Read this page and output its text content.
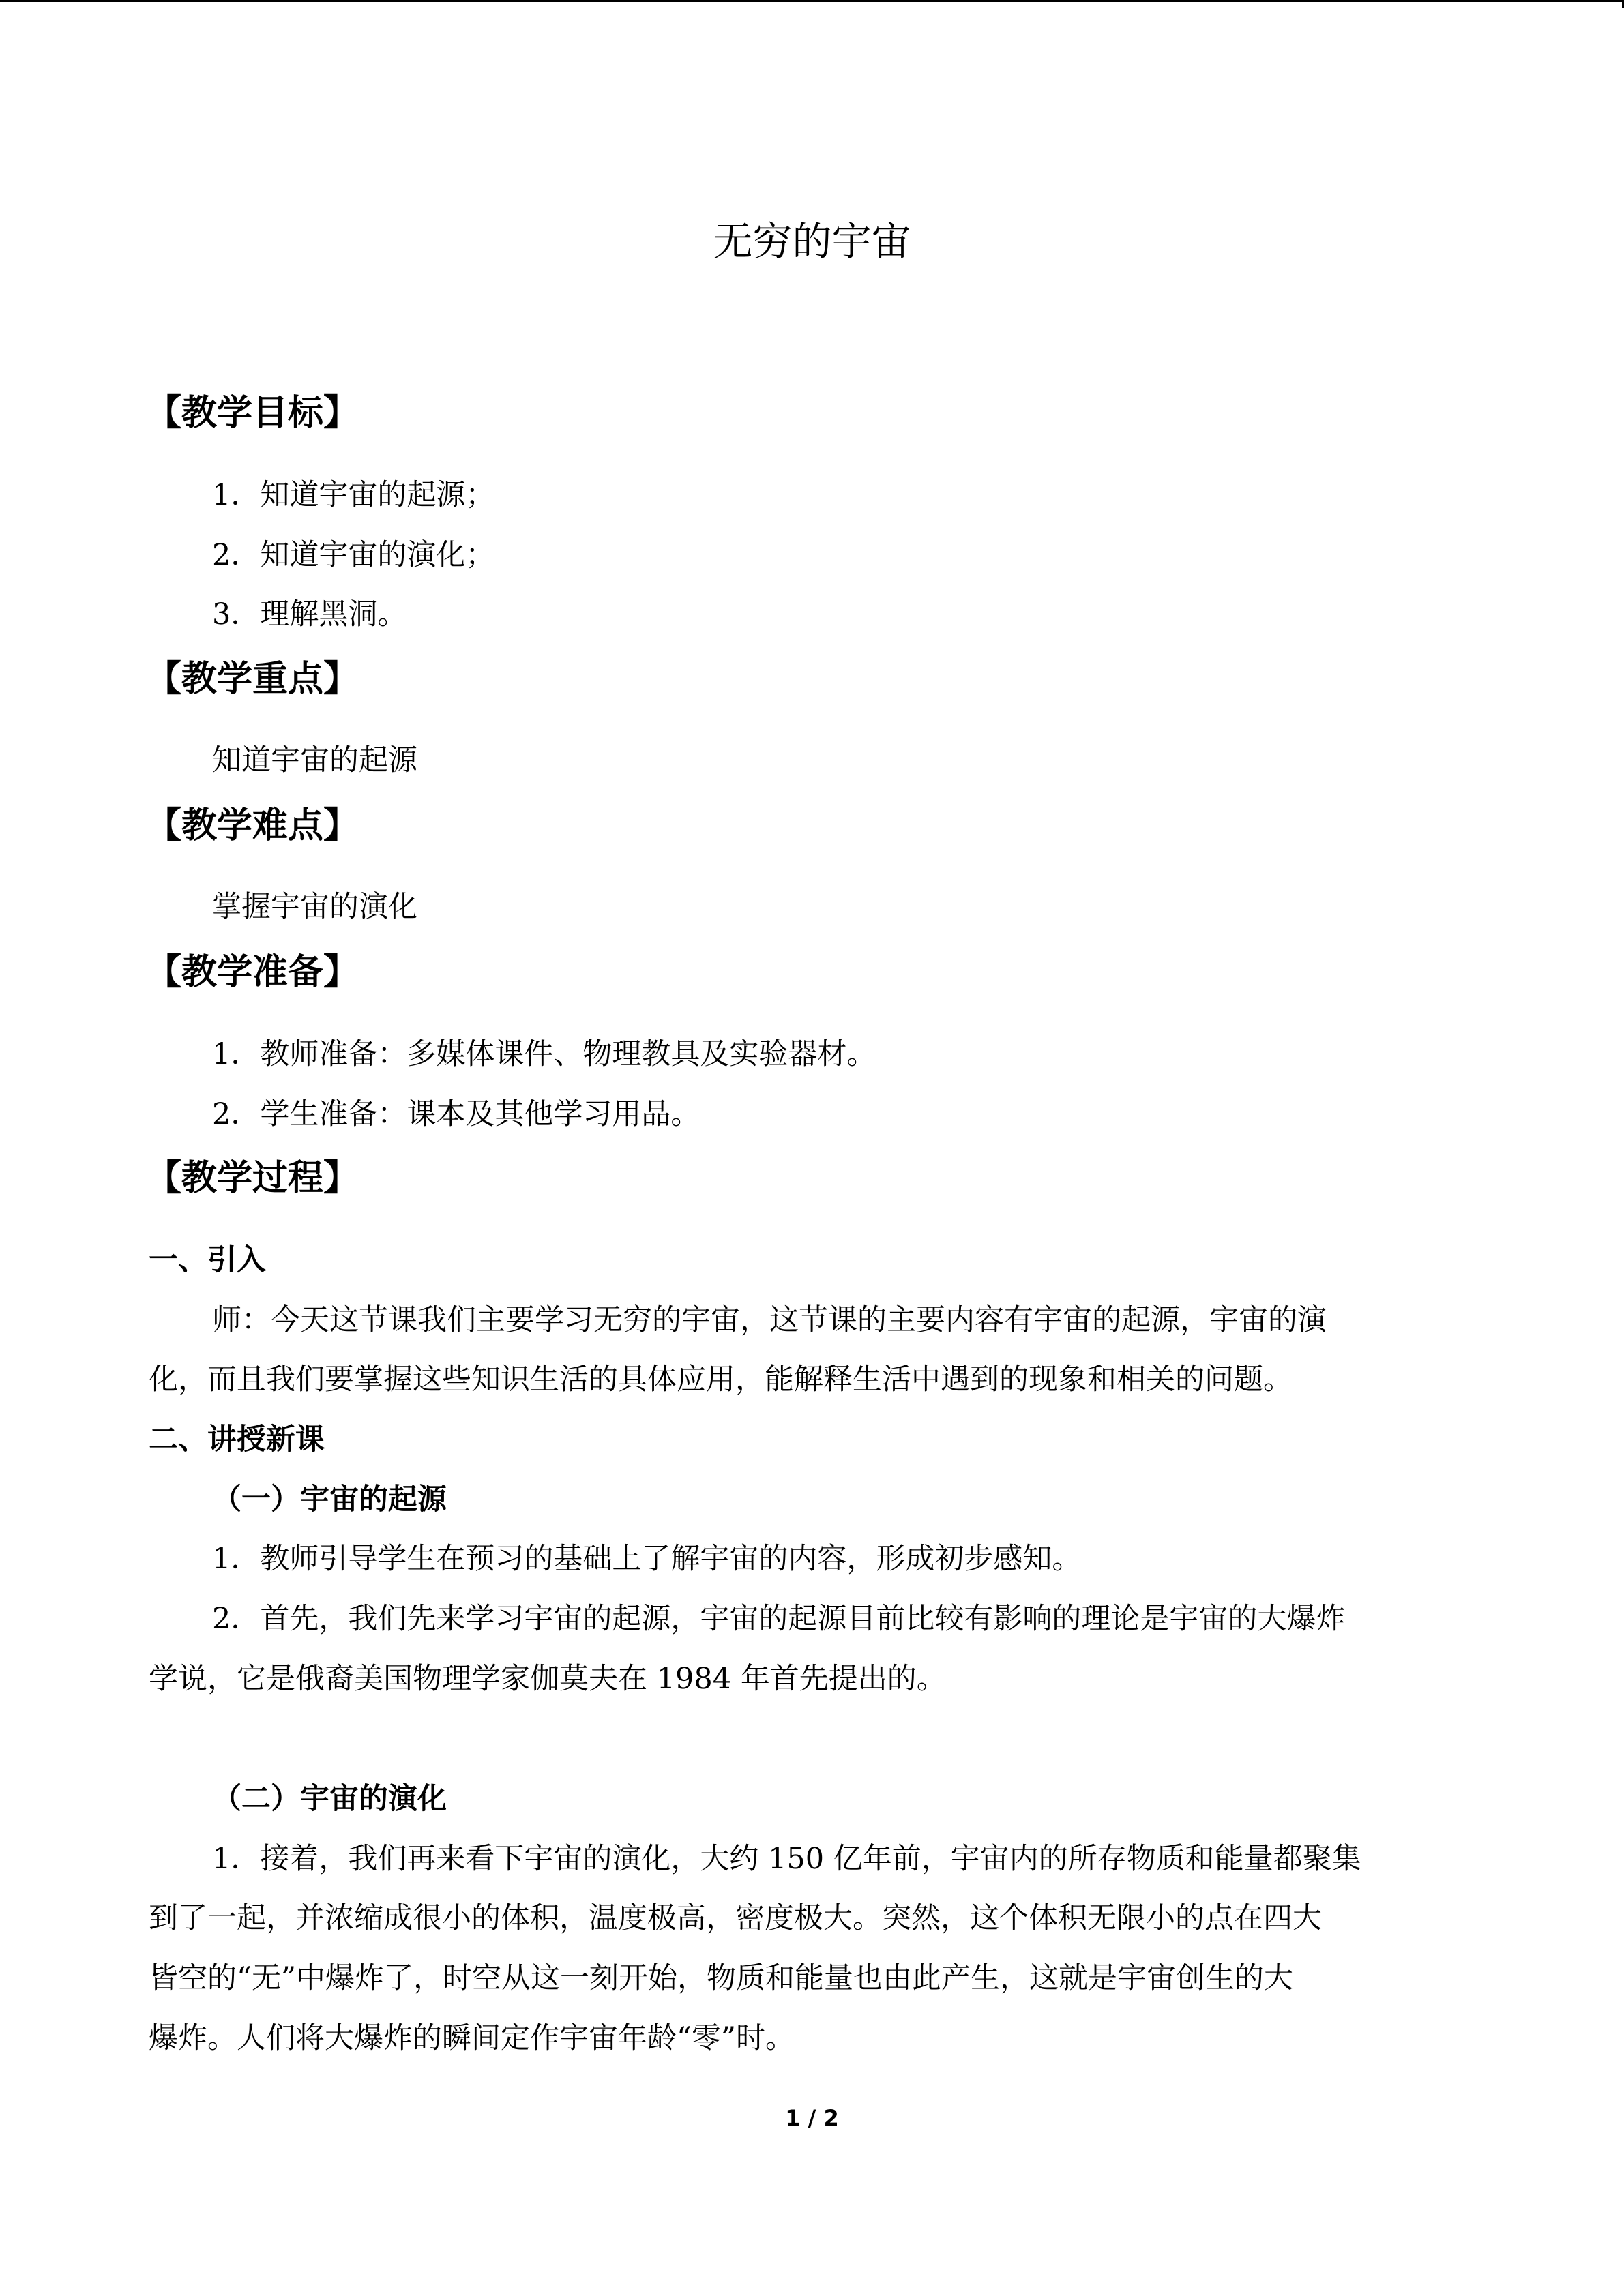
无穷的宇宙
【教学目标】
1．知道宇宙的起源；
2．知道宇宙的演化；
3．理解黑洞。
【教学重点】
知道宇宙的起源
【教学难点】
掌握宇宙的演化
【教学准备】
1．教师准备：多媒体课件、物理教具及实验器材。
2．学生准备：课本及其他学习用品。
【教学过程】
一、引入
师：今天这节课我们主要学习无穷的宇宙，这节课的主要内容有宇宙的起源，宇宙的演
化，而且我们要掌握这些知识生活的具体应用，能解释生活中遇到的现象和相关的问题。
二、讲授新课
（一）宇宙的起源
1．教师引导学生在预习的基础上了解宇宙的内容，形成初步感知。
2．首先，我们先来学习宇宙的起源，宇宙的起源目前比较有影响的理论是宇宙的大爆炸
学说，它是俄裔美国物理学家伽莫夫在 1984 年首先提出的。
（二）宇宙的演化
1．接着，我们再来看下宇宙的演化，大约 150 亿年前，宇宙内的所存物质和能量都聚集
到了一起，并浓缩成很小的体积，温度极高，密度极大。突然，这个体积无限小的点在四大
皆空的“无”中爆炸了，时空从这一刻开始，物质和能量也由此产生，这就是宇宙创生的大
爆炸。人们将大爆炸的瞬间定作宇宙年龄“零”时。
1 / 2
